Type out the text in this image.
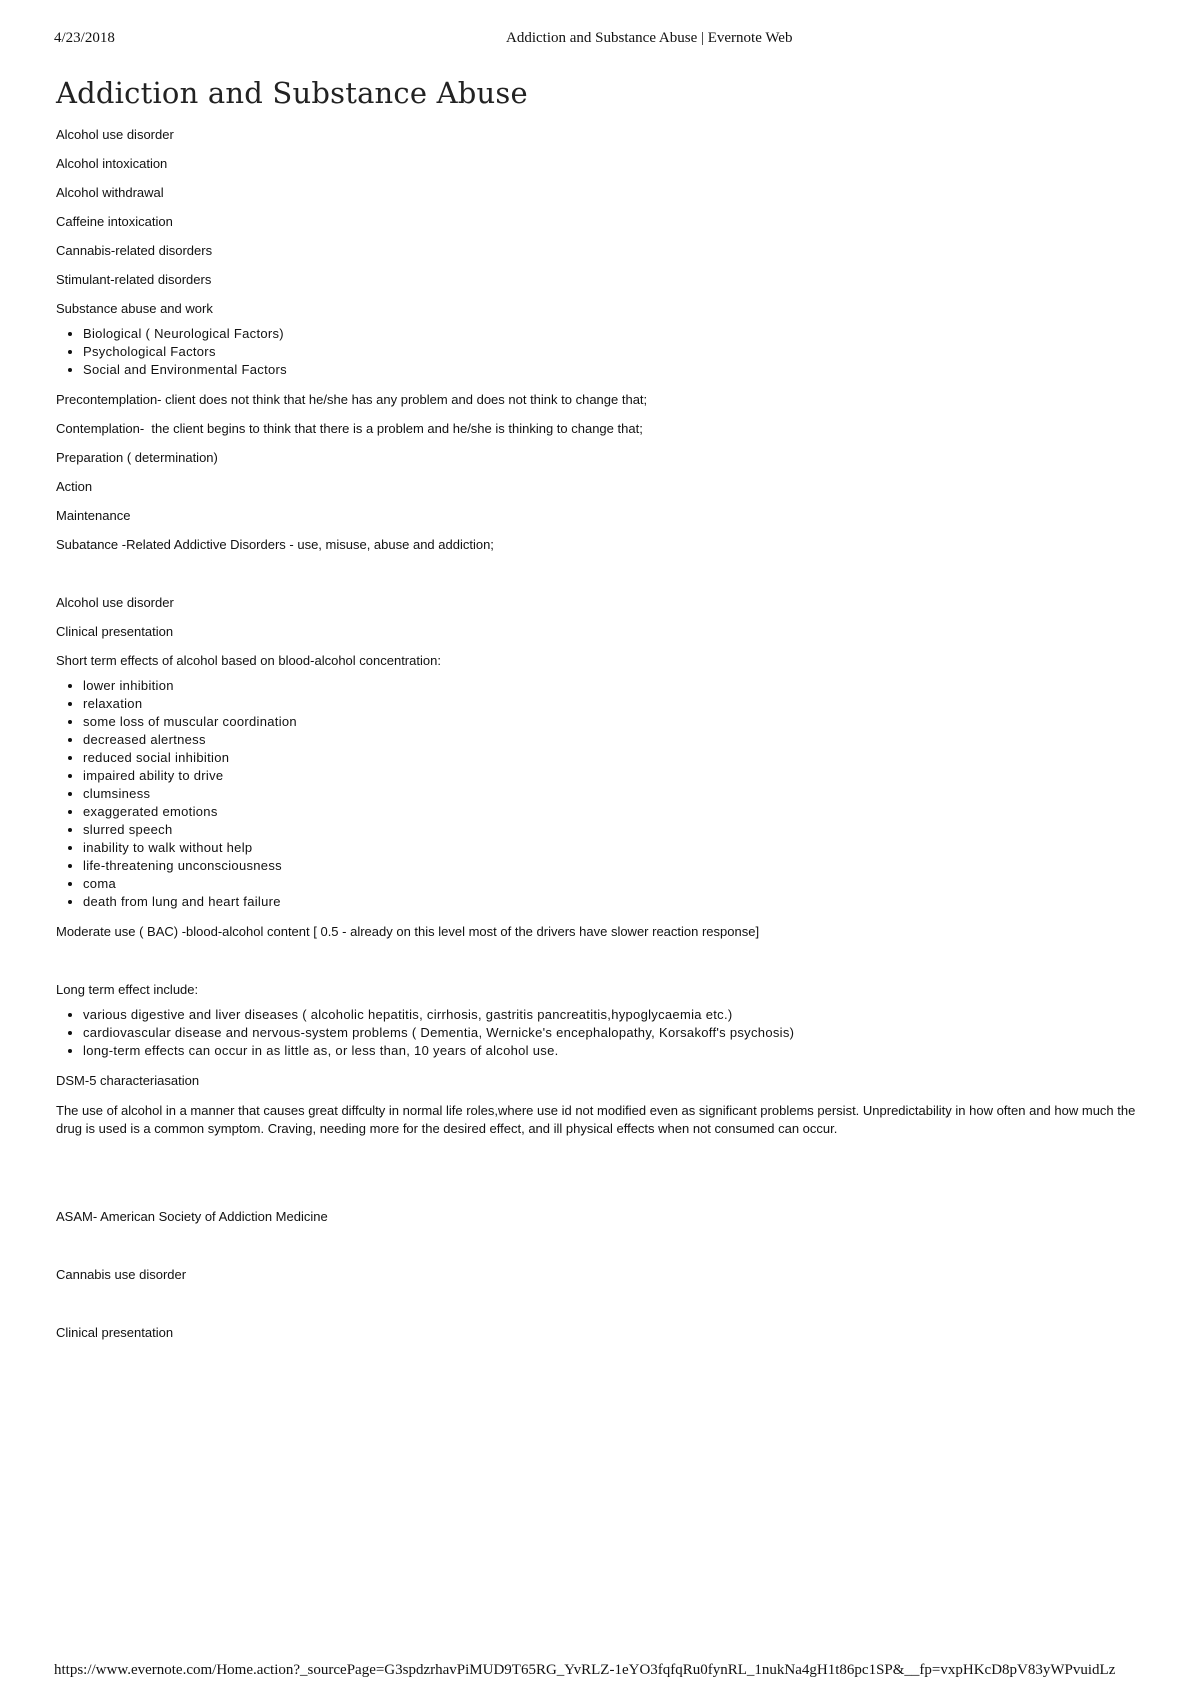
4/23/2018	Addiction and Substance Abuse | Evernote Web
Addiction and Substance Abuse

Alcohol use disorder

Alcohol intoxication

Alcohol withdrawal

Caffeine intoxication

Cannabis-related disorders

Stimulant-related disorders

Substance abuse and work

• Biological ( Neurological Factors)
• Psychological Factors
• Social and Environmental Factors

Precontemplation- client does not think that he/she has any problem and does not think to change that;

Contemplation-  the client begins to think that there is a problem and he/she is thinking to change that;

Preparation ( determination)

Action

Maintenance

Subatance -Related Addictive Disorders - use, misuse, abuse and addiction;

Alcohol use disorder

Clinical presentation

Short term effects of alcohol based on blood-alcohol concentration:

• lower inhibition
• relaxation
• some loss of muscular coordination
• decreased alertness
• reduced social inhibition
• impaired ability to drive
• clumsiness
• exaggerated emotions
• slurred speech
• inability to walk without help
• life-threatening unconsciousness
• coma
• death from lung and heart failure

Moderate use ( BAC) -blood-alcohol content [ 0.5 - already on this level most of the drivers have slower reaction response]

Long term effect include:

• various digestive and liver diseases ( alcoholic hepatitis, cirrhosis, gastritis pancreatitis,hypoglycaemia etc.)
• cardiovascular disease and nervous-system problems ( Dementia, Wernicke's encephalopathy, Korsakoff's psychosis)
• long-term effects can occur in as little as, or less than, 10 years of alcohol use.

DSM-5 characteriasation

The use of alcohol in a manner that causes great diffculty in normal life roles,where use id not modified even as significant problems persist. Unpredictability in how often and how much the drug is used is a common symptom. Craving, needing more for the desired effect, and ill physical effects when not consumed can occur.

ASAM- American Society of Addiction Medicine

Cannabis use disorder

Clinical presentation

https://www.evernote.com/Home.action?_sourcePage=G3spdzrhavPiMUD9T65RG_YvRLZ-1eYO3fqfqRu0fynRL_1nukNa4gH1t86pc1SP&__fp=vxpHKcD8pV83yWPvuidLz
